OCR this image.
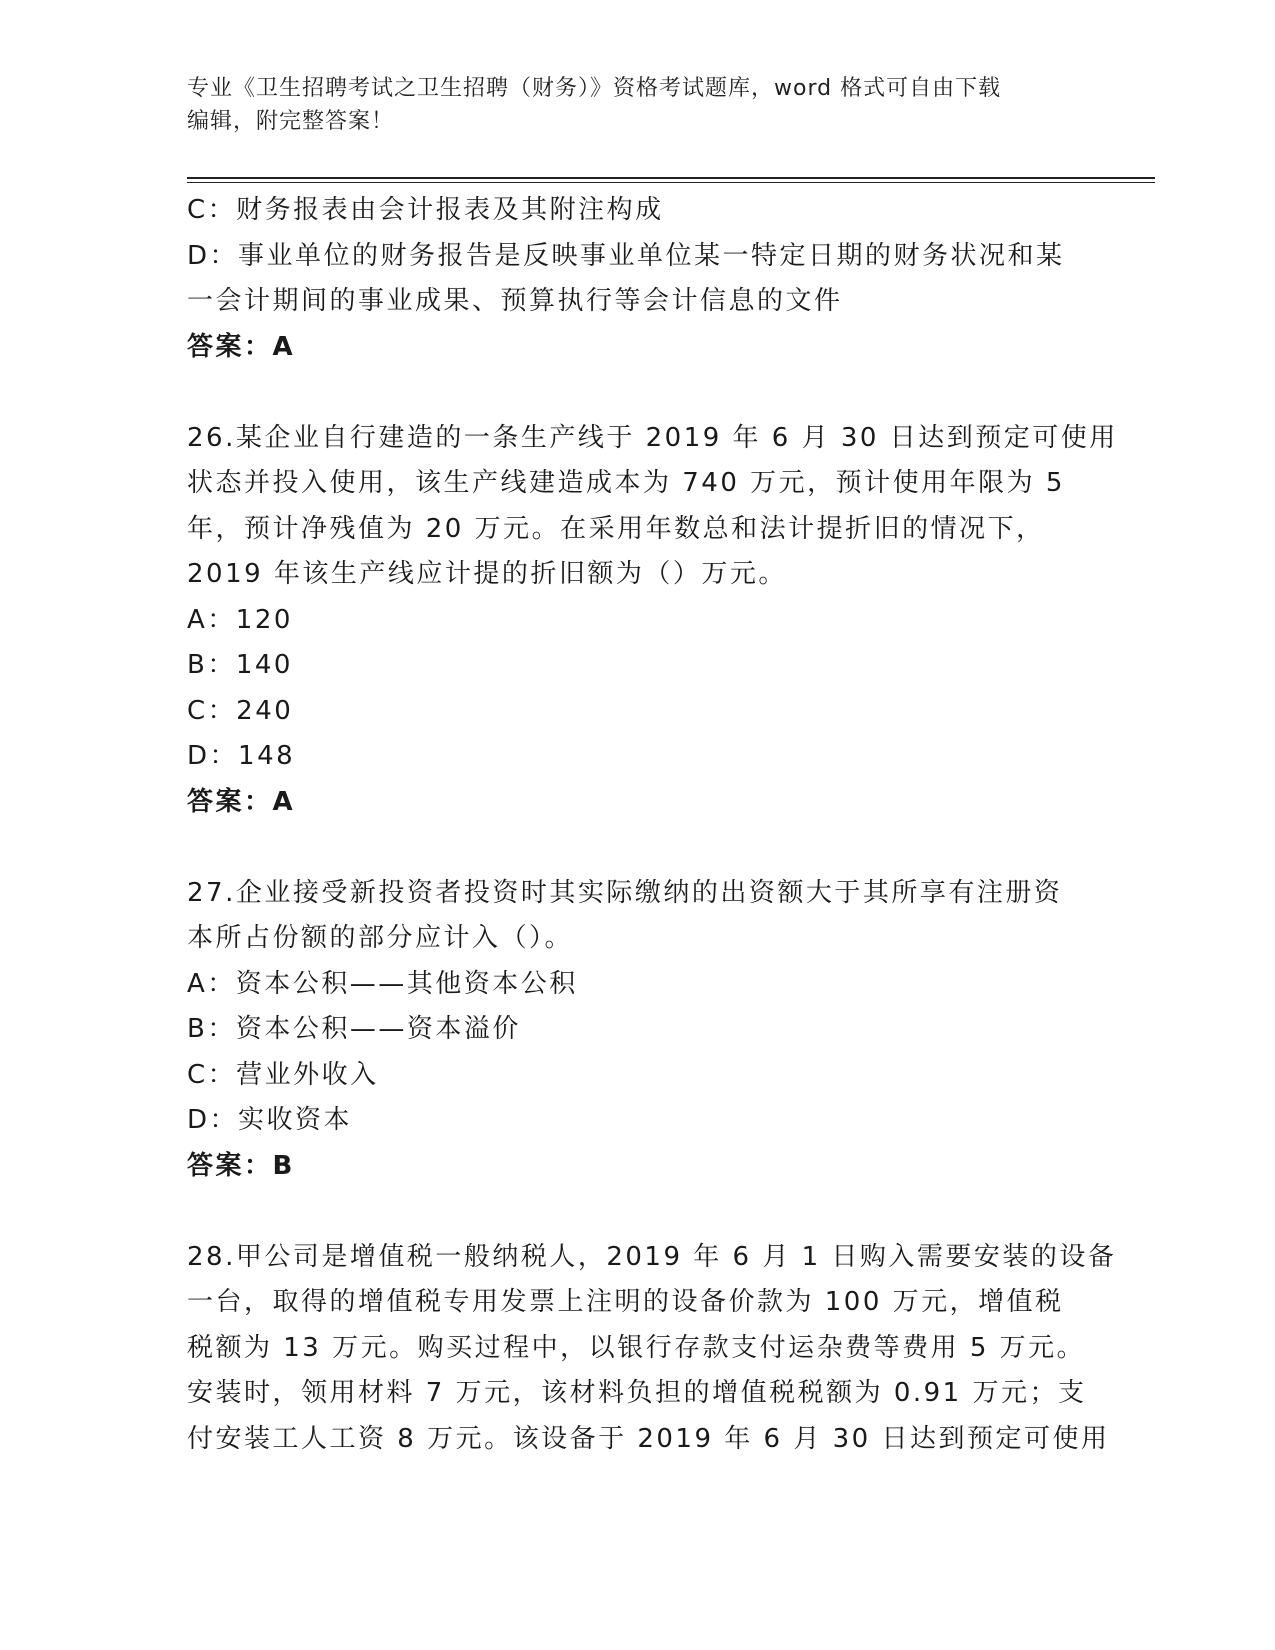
专业《卫生招聘考试之卫生招聘（财务）》资格考试题库，word 格式可自由下载
编辑，附完整答案！

C：财务报表由会计报表及其附注构成

D：事业单位的财务报告是反映事业单位某一特定日期的财务状况和某

一会计期间的事业成果、预算执行等会计信息的文件

答案：A

26.某企业自行建造的一条生产线于 2019 年 6 月 30 日达到预定可使用

状态并投入使用，该生产线建造成本为 740 万元，预计使用年限为 5

年，预计净残值为 20 万元。在采用年数总和法计提折旧的情况下，

2019 年该生产线应计提的折旧额为（）万元。

A：120

B：140

C：240

D：148

答案：A

27.企业接受新投资者投资时其实际缴纳的出资额大于其所享有注册资

本所占份额的部分应计入（）。

A：资本公积——其他资本公积

B：资本公积——资本溢价

C：营业外收入

D：实收资本

答案：B

28.甲公司是增值税一般纳税人，2019 年 6 月 1 日购入需要安装的设备

一台，取得的增值税专用发票上注明的设备价款为 100 万元，增值税

税额为 13 万元。购买过程中，以银行存款支付运杂费等费用 5 万元。

安装时，领用材料 7 万元，该材料负担的增值税税额为 0.91 万元；支

付安装工人工资 8 万元。该设备于 2019 年 6 月 30 日达到预定可使用
